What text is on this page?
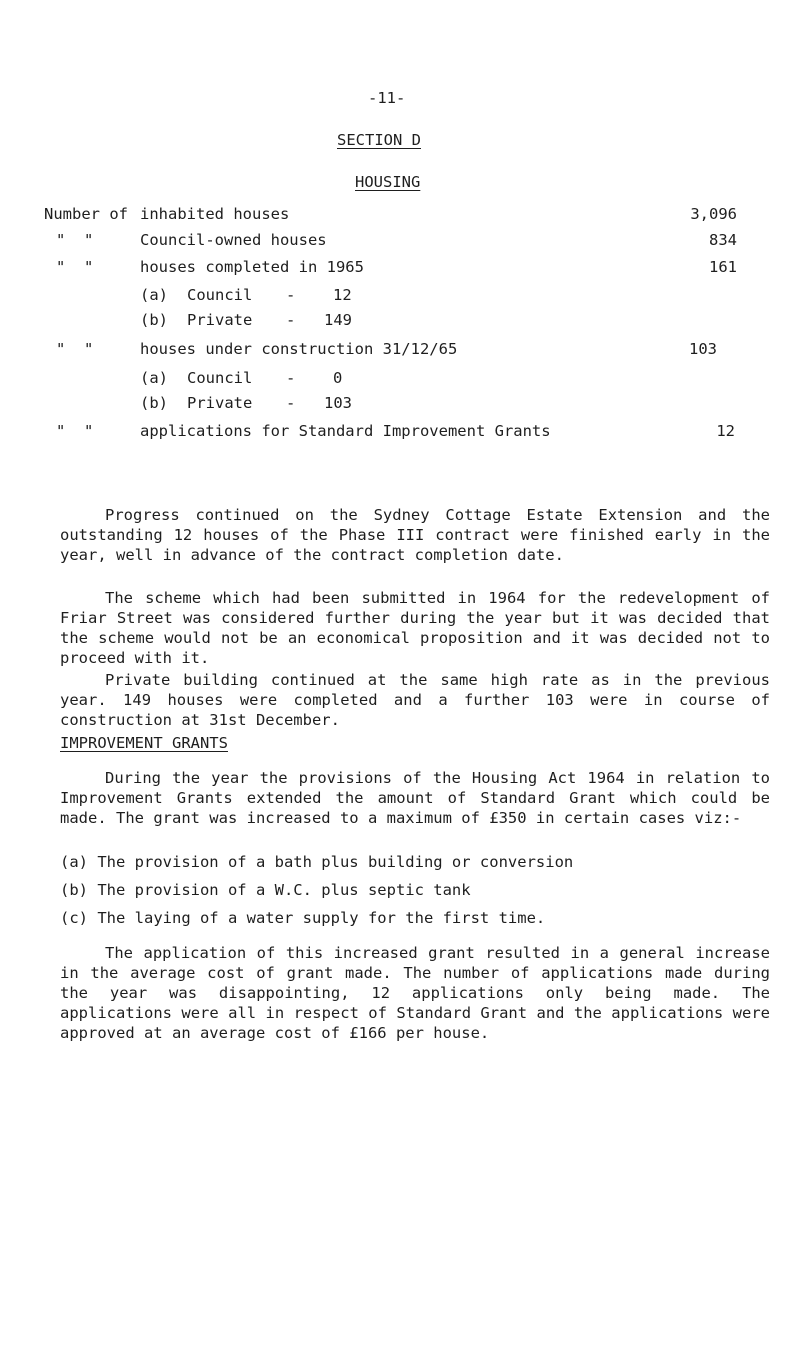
-11-
SECTION D
HOUSING
Number of inhabited houses	3,096
"  "	Council-owned houses	834
"  "	houses completed in 1965	161
(a) Council - 12
(b) Private - 149
"  "	houses under construction 31/12/65	103
(a) Council - 0
(b) Private - 103
"  "	applications for Standard Improvement Grants	12

Progress continued on the Sydney Cottage Estate Extension and the outstanding 12 houses of the Phase III contract were finished early in the year, well in advance of the contract completion date.

The scheme which had been submitted in 1964 for the redevelopment of Friar Street was considered further during the year but it was decided that the scheme would not be an economical proposition and it was decided not to proceed with it.

Private building continued at the same high rate as in the previous year. 149 houses were completed and a further 103 were in course of construction at 31st December.

IMPROVEMENT GRANTS

During the year the provisions of the Housing Act 1964 in relation to Improvement Grants extended the amount of Standard Grant which could be made. The grant was increased to a maximum of £350 in certain cases viz:-

(a) The provision of a bath plus building or conversion
(b) The provision of a W.C. plus septic tank
(c) The laying of a water supply for the first time.

The application of this increased grant resulted in a general increase in the average cost of grant made. The number of applications made during the year was disappointing, 12 applications only being made. The applications were all in respect of Standard Grant and the applications were approved at an average cost of £166 per house.
